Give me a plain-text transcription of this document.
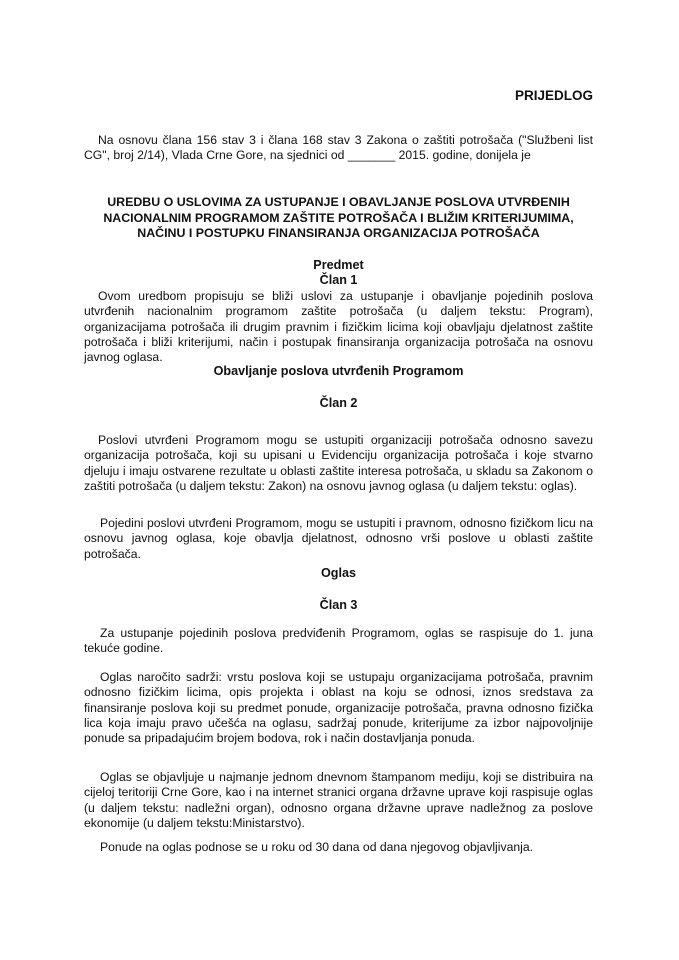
PRIJEDLOG
Na osnovu člana 156 stav 3 i člana 168 stav 3 Zakona o zaštiti potrošača ("Službeni list CG", broj 2/14), Vlada Crne Gore, na sjednici od _______ 2015. godine, donijela je
UREDBU O USLOVIMA ZA USTUPANJE I OBAVLJANJE POSLOVA UTVRĐENIH NACIONALNIM PROGRAMOM ZAŠTITE POTROŠAČA I BLIŽIM KRITERIJUMIMA, NAČINU I POSTUPKU FINANSIRANJA ORGANIZACIJA POTROŠAČA
Predmet
Član 1
Ovom uredbom propisuju se bliži uslovi za ustupanje i obavljanje pojedinih poslova utvrđenih nacionalnim programom zaštite potrošača (u daljem tekstu: Program), organizacijama potrošača ili drugim pravnim i fizičkim licima koji obavljaju djelatnost zaštite potrošača i bliži kriterijumi, način i postupak finansiranja organizacija potrošača na osnovu javnog oglasa.
Obavljanje poslova utvrđenih Programom
Član 2
Poslovi utvrđeni Programom mogu se ustupiti organizaciji potrošača odnosno savezu organizacija potrošača, koji su upisani u Evidenciju organizacija potrošača i koje stvarno djeluju i imaju ostvarene rezultate u oblasti zaštite interesa potrošača, u skladu sa Zakonom o zaštiti potrošača (u daljem tekstu: Zakon) na osnovu javnog oglasa (u daljem tekstu: oglas).
Pojedini poslovi utvrđeni Programom, mogu se ustupiti i pravnom, odnosno fizičkom licu na osnovu javnog oglasa, koje obavlja djelatnost, odnosno vrši poslove u oblasti zaštite potrošača.
Oglas
Član 3
Za ustupanje pojedinih poslova predviđenih Programom, oglas se raspisuje do 1. juna tekuće godine.
Oglas naročito sadrži: vrstu poslova koji se ustupaju organizacijama potrošača, pravnim odnosno fizičkim licima, opis projekta i oblast na koju se odnosi, iznos sredstava za finansiranje poslova koji su predmet ponude, organizacije potrošača, pravna odnosno fizička lica koja imaju pravo učešća na oglasu, sadržaj ponude, kriterijume za izbor najpovoljnije ponude sa pripadajućim brojem bodova, rok i način dostavljanja ponuda.
Oglas se objavljuje u najmanje jednom dnevnom štampanom mediju, koji se distribuira na cijeloj teritoriji Crne Gore, kao i na internet stranici organa državne uprave koji raspisuje oglas (u daljem tekstu: nadležni organ), odnosno organa državne uprave nadležnog za poslove ekonomije (u daljem tekstu:Ministarstvo).
Ponude na oglas podnose se u roku od 30 dana od dana njegovog objavljivanja.
